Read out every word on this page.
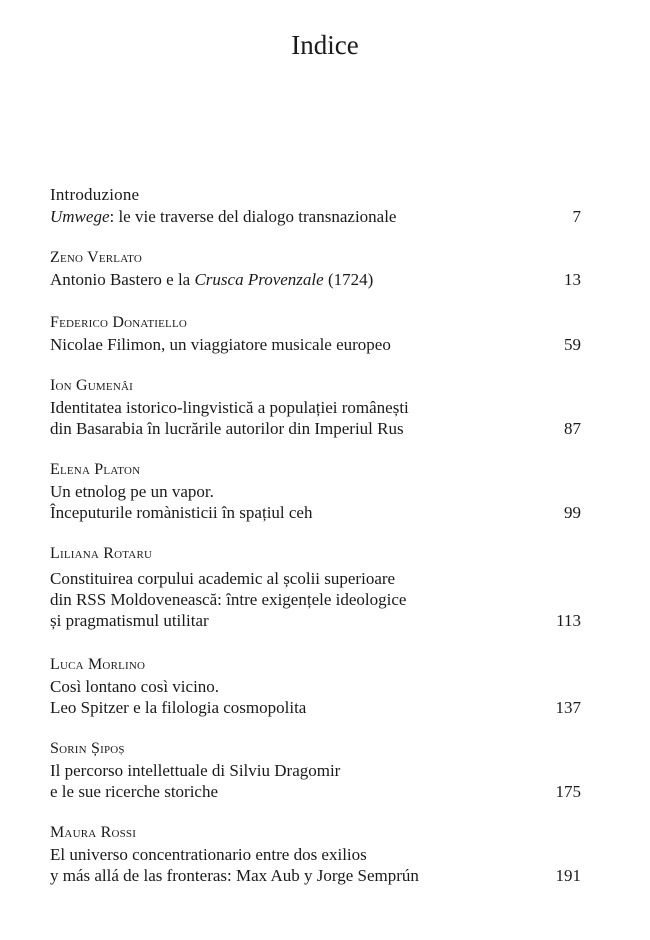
Indice
Introduzione
Umwege: le vie traverse del dialogo transnazionale	7
Zeno Verlato
Antonio Bastero e la Crusca Provenzale (1724)	13
Federico Donatiello
Nicolae Filimon, un viaggiatore musicale europeo	59
Ion Gumenâi
Identitatea istorico-lingvistică a populației românești
din Basarabia în lucrările autorilor din Imperiul Rus	87
Elena Platon
Un etnolog pe un vapor.
Începuturile romànisticii în spațiul ceh	99
Liliana Rotaru
Constituirea corpului academic al școlii superioare
din RSS Moldovenească: între exigențele ideologice
și pragmatismul utilitar	113
Luca Morlino
Così lontano così vicino.
Leo Spitzer e la filologia cosmopolita	137
Sorin Șipoș
Il percorso intellettuale di Silviu Dragomir
e le sue ricerche storiche	175
Maura Rossi
El universo concentrationario entre dos exilios
y más allá de las fronteras: Max Aub y Jorge Semprún	191
